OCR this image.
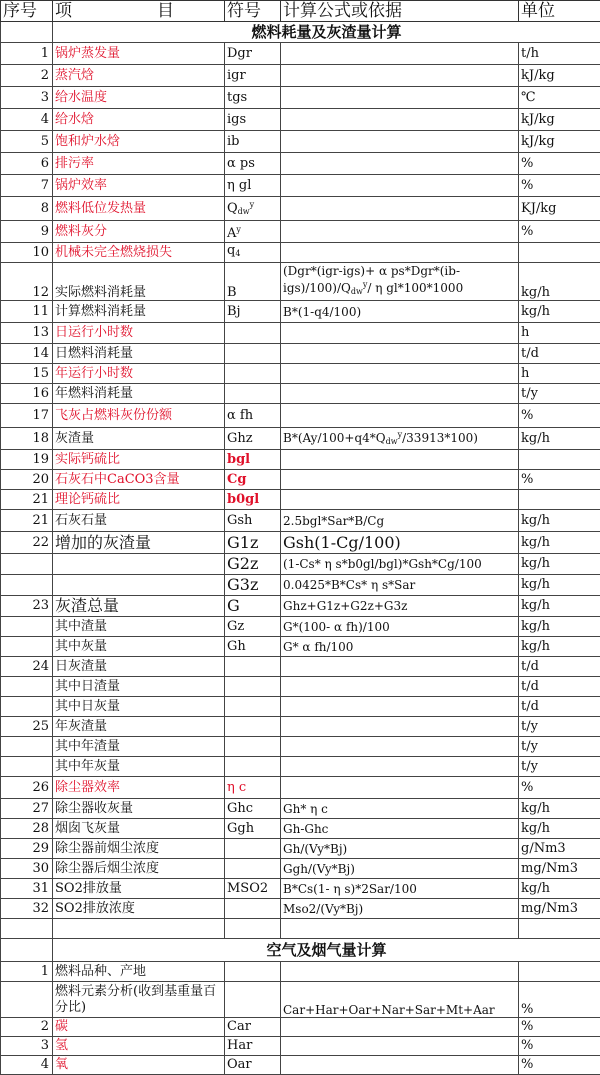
序号	项      目	符号	计算公式或依据	单位
	燃料耗量及灰渣量计算			
1	锅炉蒸发量	Dgr		t/h
2	蒸汽焓	igr		kJ/kg
3	给水温度	tgs		℃
4	给水焓	igs		kJ/kg
5	饱和炉水焓	ib		kJ/kg
6	排污率	α ps		%
7	锅炉效率	η gl		%
8	燃料低位发热量	$Q_{dw}^y$		KJ/kg
9	燃料灰分	$A^y$		%
10	机械未完全燃烧损失	$q_4$		
12	实际燃料消耗量	B	(Dgr*(igr-igs)+ α $ps*Dgr*(ib-igs)/100)/Q_{dw}^y/$ η gl*100*1000	kg/h
11	计算燃料消耗量	Bj	B*(1-q4/100)	kg/h
13	日运行小时数			h
14	日燃料消耗量			t/d
15	年运行小时数			h
16	年燃料消耗量			t/y
17	飞灰占燃料灰份份额	α fh		%
18	灰渣量	Ghz	$B*(Ay/100+q4*Q_{dw}^y/33913*100)$	kg/h
19	实际钙硫比	bgl		
20	石灰石中CaCO3含量	Cg		%
21	理论钙硫比	b0gl		
21	石灰石量	Gsh	2.5bgl*Sar*B/Cg	kg/h
22	增加的灰渣量	G1z	Gsh(1-Cg/100)	kg/h
		G2z	(1-Cs* η s*b0gl/bgl)*Gsh*Cg/100	kg/h
		G3z	0.0425*B*Cs* η s*Sar	kg/h
23	灰渣总量	G	Ghz+G1z+G2z+G3z	kg/h
	其中渣量	Gz	G*(100- α fh)/100	kg/h
	其中灰量	Gh	G* α fh/100	kg/h
24	日灰渣量			t/d
	其中日渣量			t/d
	其中日灰量			t/d
25	年灰渣量			t/y
	其中年渣量			t/y
	其中年灰量			t/y
26	除尘器效率	η c		%
27	除尘器收灰量	Ghc	Gh* η c	kg/h
28	烟囱飞灰量	Ggh	Gh-Ghc	kg/h
29	除尘器前烟尘浓度		Gh/(Vy*Bj)	g/Nm3
30	除尘器后烟尘浓度		Ggh/(Vy*Bj)	mg/Nm3
31	SO2排放量	MSO2	B*Cs(1- η s)*2Sar/100	kg/h
32	SO2排放浓度		Mso2/(Vy*Bj)	mg/Nm3

	空气及烟气量计算			
1	燃料品种、产地			
	燃料元素分析(收到基重量百分比)		Car+Har+Oar+Nar+Sar+Mt+Aar	%
2	碳	Car		%
3	氢	Har		%
4	氧	Oar		%
